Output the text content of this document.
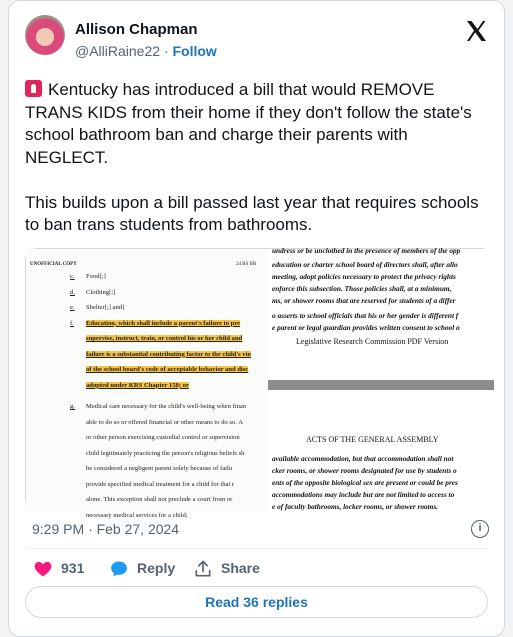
Allison Chapman
@AlliRaine22 · Follow
Kentucky has introduced a bill that would REMOVE TRANS KIDS from their home if they don't follow the state's school bathroom ban and charge their parents with NEGLECT.

This builds upon a bill passed last year that requires schools to ban trans students from bathrooms.
UNOFFICIAL COPY	24 RS BR
c. Food[;]
d. Clothing[;]
e. Shelter[;] and]
f. Education, which shall include a parent's failure to pre
supervise, instruct, train, or control his or her child and
failure is a substantial contributing factor to the child's vio
of the school board's code of acceptable behavior and disc
adopted under KRS Chapter 158; or
g. Medical care necessary for the child's well-being when finan
able to do so or offered financial or other means to do so. A
or other person exercising custodial control or supervision
child legitimately practicing the person's religious beliefs sh
be considered a negligent parent solely because of failu
provide specified medical treatment for a child for that r
alone. This exception shall not preclude a court from or
necessary medical services for a child;
undress or be unclothed in the presence of members of the opp
education or charter school board of directors shall, after allo
meeting, adopt policies necessary to protect the privacy rights
enforce this subsection. Those policies shall, at a minimum,
ms, or shower rooms that are reserved for students of a differ
o asserts to school officials that his or her gender is different f
e parent or legal guardian provides written consent to school o
Legislative Research Commission PDF Version
ACTS OF THE GENERAL ASSEMBLY
available accommodation, but that accommodation shall not
cker rooms, or shower rooms designated for use by students o
ents of the opposite biological sex are present or could be pres
accommodations may include but are not limited to access to
e of faculty bathrooms, locker rooms, or shower rooms.
9:29 PM · Feb 27, 2024	i
931	Reply	Share
Read 36 replies
